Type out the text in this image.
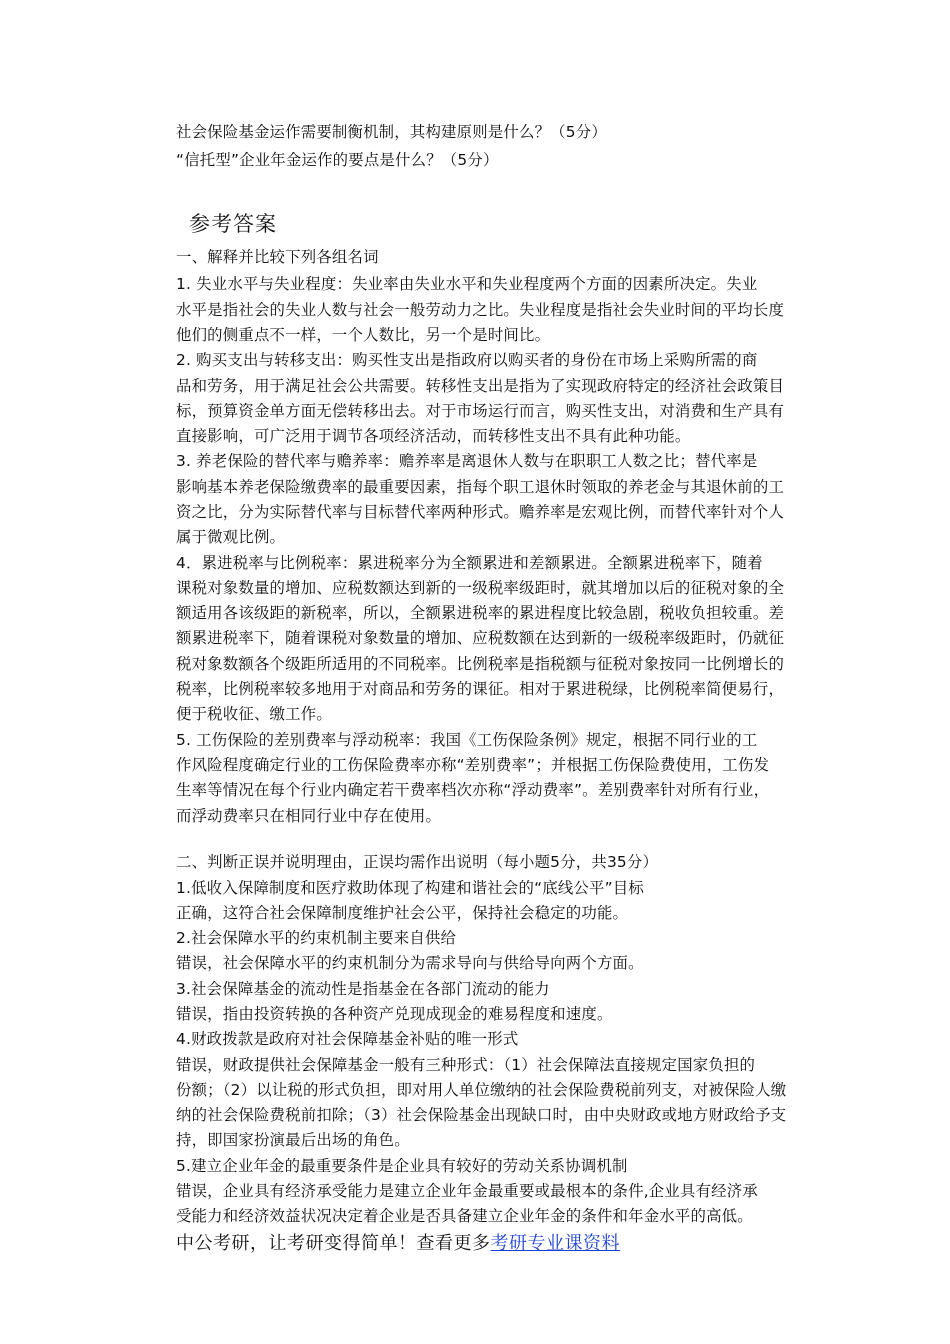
社会保险基金运作需要制衡机制，其构建原则是什么？（5分）
“信托型”企业年金运作的要点是什么？（5分）
参考答案
一、解释并比较下列各组名词
1. 失业水平与失业程度：失业率由失业水平和失业程度两个方面的因素所决定。失业
水平是指社会的失业人数与社会一般劳动力之比。失业程度是指社会失业时间的平均长度
他们的侧重点不一样，一个人数比，另一个是时间比。
2. 购买支出与转移支出：购买性支出是指政府以购买者的身份在市场上采购所需的商
品和劳务，用于满足社会公共需要。转移性支出是指为了实现政府特定的经济社会政策目
标，预算资金单方面无偿转移出去。对于市场运行而言，购买性支出，对消费和生产具有
直接影响，可广泛用于调节各项经济活动，而转移性支出不具有此种功能。
3. 养老保险的替代率与赡养率：赡养率是离退休人数与在职职工人数之比；替代率是
影响基本养老保险缴费率的最重要因素，指每个职工退休时领取的养老金与其退休前的工
资之比，分为实际替代率与目标替代率两种形式。赡养率是宏观比例，而替代率针对个人
属于微观比例。
4．累进税率与比例税率：累进税率分为全额累进和差额累进。全额累进税率下，随着
课税对象数量的增加、应税数额达到新的一级税率级距时，就其增加以后的征税对象的全
额适用各该级距的新税率，所以，全额累进税率的累进程度比较急剧，税收负担较重。差
额累进税率下，随着课税对象数量的增加、应税数额在达到新的一级税率级距时，仍就征
税对象数额各个级距所适用的不同税率。比例税率是指税额与征税对象按同一比例增长的
税率，比例税率较多地用于对商品和劳务的课征。相对于累进税绿，比例税率简便易行，
便于税收征、缴工作。
5. 工伤保险的差别费率与浮动税率：我国《工伤保险条例》规定，根据不同行业的工
作风险程度确定行业的工伤保险费率亦称“差别费率”；并根据工伤保险费使用，工伤发
生率等情况在每个行业内确定若干费率档次亦称“浮动费率”。差别费率针对所有行业，
而浮动费率只在相同行业中存在使用。
二、判断正误并说明理由，正误均需作出说明（每小题5分，共35分）
1.低收入保障制度和医疗救助体现了构建和谐社会的“底线公平”目标
正确，这符合社会保障制度维护社会公平，保持社会稳定的功能。
2.社会保障水平的约束机制主要来自供给
错误，社会保障水平的约束机制分为需求导向与供给导向两个方面。
3.社会保障基金的流动性是指基金在各部门流动的能力
错误，指由投资转换的各种资产兑现成现金的难易程度和速度。
4.财政拨款是政府对社会保障基金补贴的唯一形式
错误，财政提供社会保障基金一般有三种形式：（1）社会保障法直接规定国家负担的
份额；（2）以让税的形式负担，即对用人单位缴纳的社会保险费税前列支，对被保险人缴
纳的社会保险费税前扣除；（3）社会保险基金出现缺口时，由中央财政或地方财政给予支
持，即国家扮演最后出场的角色。
5.建立企业年金的最重要条件是企业具有较好的劳动关系协调机制
错误，企业具有经济承受能力是建立企业年金最重要或最根本的条件,企业具有经济承
受能力和经济效益状况决定着企业是否具备建立企业年金的条件和年金水平的高低。
中公考研，让考研变得简单！查看更多考研专业课资料
